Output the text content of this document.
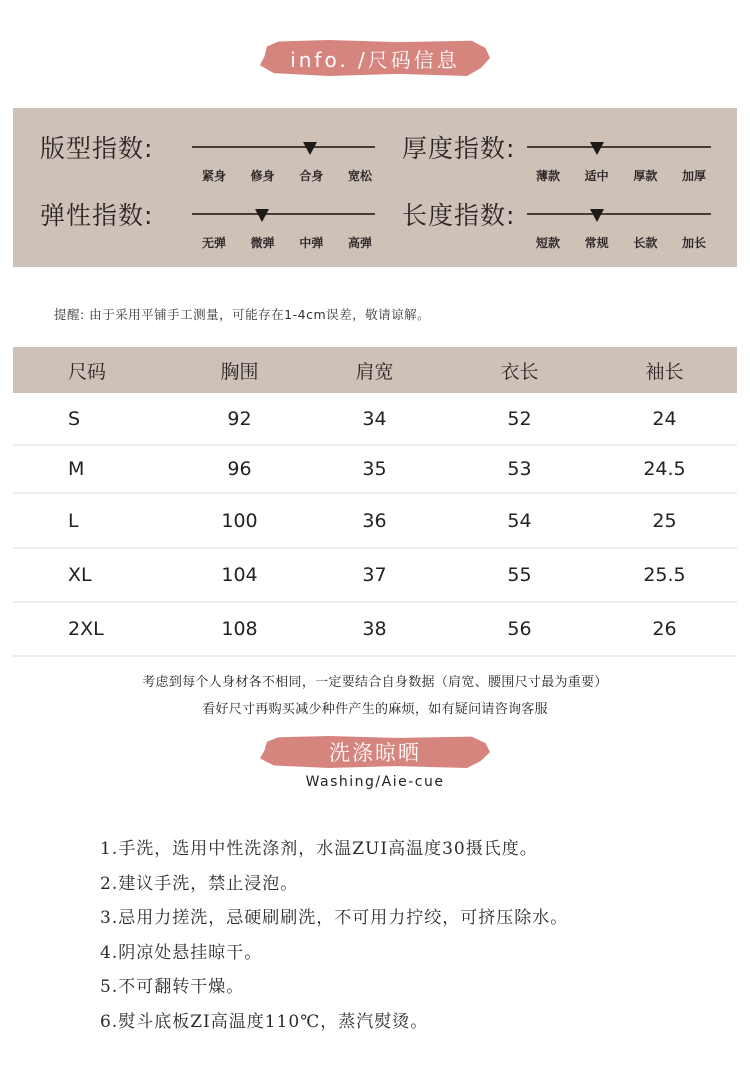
info. /尺码信息
版型指数:
紧身 修身 合身 宽松
厚度指数:
薄款 适中 厚款 加厚
弹性指数:
无弹 微弹 中弹 高弹
长度指数:
短款 常规 长款 加长
提醒: 由于采用平铺手工测量，可能存在1-4cm误差，敬请谅解。
尺码	胸围	肩宽	衣长	袖长
S	92	34	52	24
M	96	35	53	24.5
L	100	36	54	25
XL	104	37	55	25.5
2XL	108	38	56	26
考虑到每个人身材各不相同，一定要结合自身数据（肩宽、腰围尺寸最为重要）
看好尺寸再购买减少种件产生的麻烦，如有疑问请咨询客服
洗涤晾晒
Washing/Aie-cue
1.手洗，选用中性洗涤剂，水温ZUI高温度30摄氏度。
2.建议手洗，禁止浸泡。
3.忌用力搓洗，忌硬刷刷洗，不可用力拧绞，可挤压除水。
4.阴凉处悬挂晾干。
5.不可翻转干燥。
6.熨斗底板ZI高温度110℃，蒸汽熨烫。
